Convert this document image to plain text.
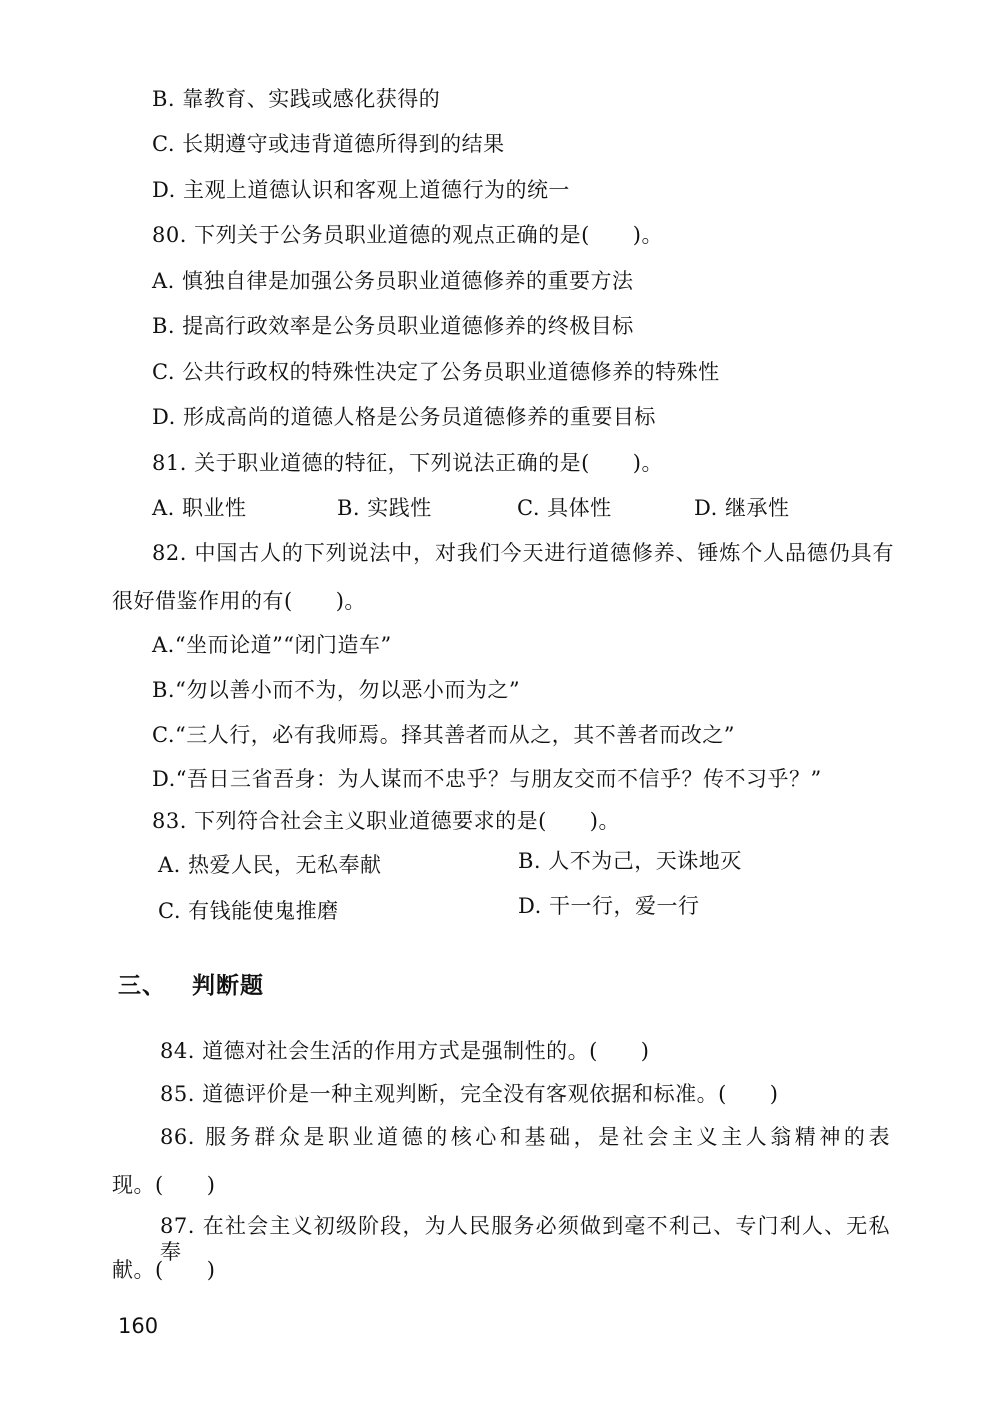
B. 靠教育、实践或感化获得的
C. 长期遵守或违背道德所得到的结果
D. 主观上道德认识和客观上道德行为的统一
80. 下列关于公务员职业道德的观点正确的是(　　)。
A. 慎独自律是加强公务员职业道德修养的重要方法
B. 提高行政效率是公务员职业道德修养的终极目标
C. 公共行政权的特殊性决定了公务员职业道德修养的特殊性
D. 形成高尚的道德人格是公务员道德修养的重要目标
81. 关于职业道德的特征，下列说法正确的是(　　)。
A. 职业性	B. 实践性	C. 具体性	D. 继承性
82. 中国古人的下列说法中，对我们今天进行道德修养、锤炼个人品德仍具有
很好借鉴作用的有(　　)。
A.“坐而论道”“闭门造车”
B.“勿以善小而不为，勿以恶小而为之”
C.“三人行，必有我师焉。择其善者而从之，其不善者而改之”
D.“吾日三省吾身：为人谋而不忠乎？与朋友交而不信乎？传不习乎？”
83. 下列符合社会主义职业道德要求的是(　　)。
A. 热爱人民，无私奉献	B. 人不为己，天诛地灭
C. 有钱能使鬼推磨	D. 干一行，爱一行
三、 判断题
84. 道德对社会生活的作用方式是强制性的。(　　)
85. 道德评价是一种主观判断，完全没有客观依据和标准。(　　)
86. 服务群众是职业道德的核心和基础，是社会主义主人翁精神的表
现。(　　)
87. 在社会主义初级阶段，为人民服务必须做到毫不利己、专门利人、无私奉
献。(　　)
160
